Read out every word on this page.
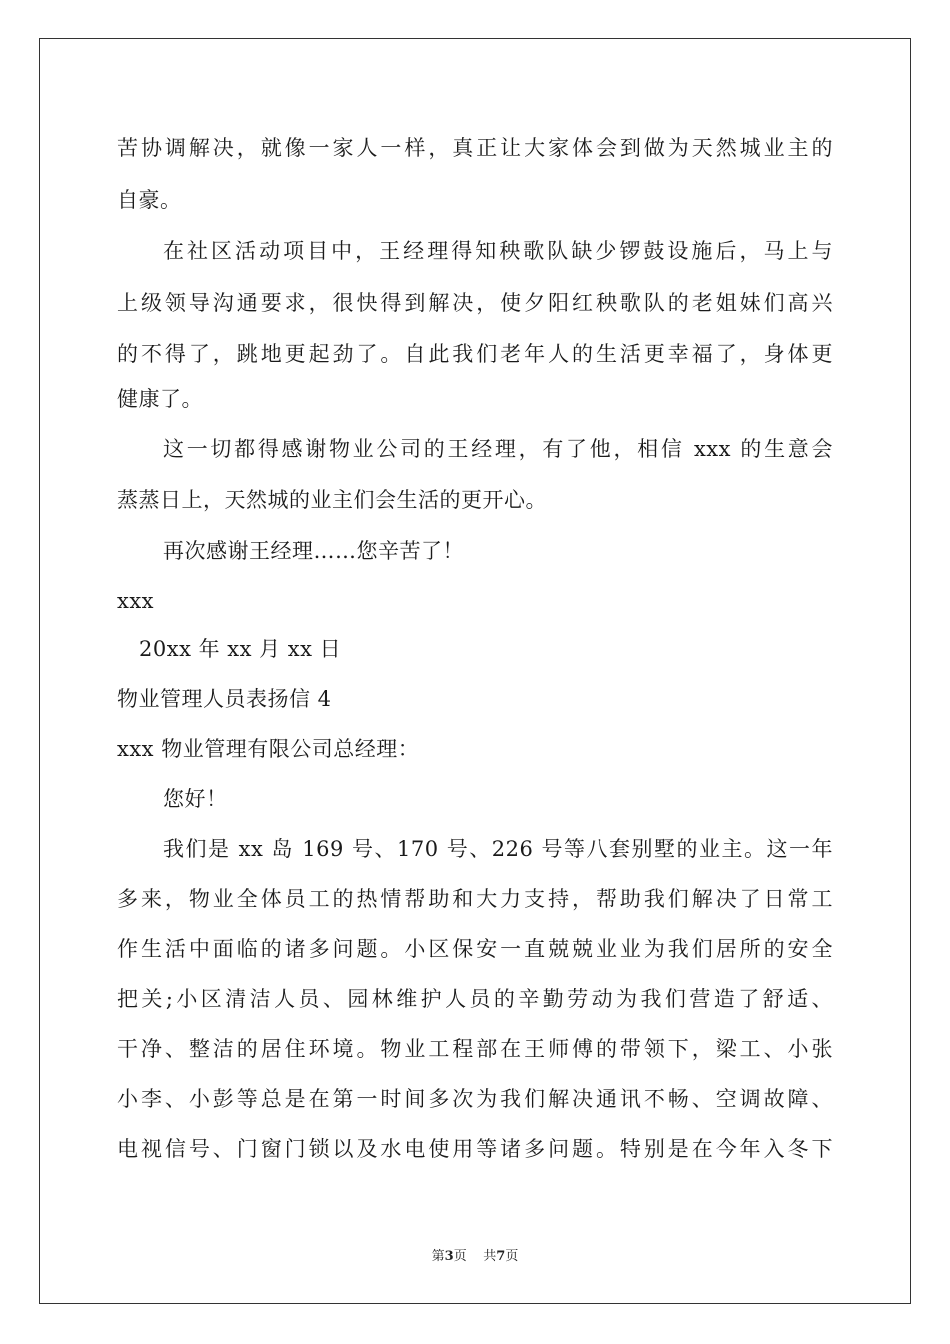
苦协调解决，就像一家人一样，真正让大家体会到做为天然城业主的
自豪。
在社区活动项目中，王经理得知秧歌队缺少锣鼓设施后，马上与
上级领导沟通要求，很快得到解决，使夕阳红秧歌队的老姐妹们高兴
的不得了，跳地更起劲了。自此我们老年人的生活更幸福了，身体更
健康了。
这一切都得感谢物业公司的王经理，有了他，相信 xxx 的生意会
蒸蒸日上，天然城的业主们会生活的更开心。
再次感谢王经理……您辛苦了！
xxx
20xx 年 xx 月 xx 日
物业管理人员表扬信 4
xxx 物业管理有限公司总经理：
您好！
我们是 xx 岛 169 号、170 号、226 号等八套别墅的业主。这一年
多来，物业全体员工的热情帮助和大力支持，帮助我们解决了日常工
作生活中面临的诸多问题。小区保安一直兢兢业业为我们居所的安全
把关;小区清洁人员、园林维护人员的辛勤劳动为我们营造了舒适、
干净、整洁的居住环境。物业工程部在王师傅的带领下，梁工、小张
小李、小彭等总是在第一时间多次为我们解决通讯不畅、空调故障、
电视信号、门窗门锁以及水电使用等诸多问题。特别是在今年入冬下
第3页 共7页
